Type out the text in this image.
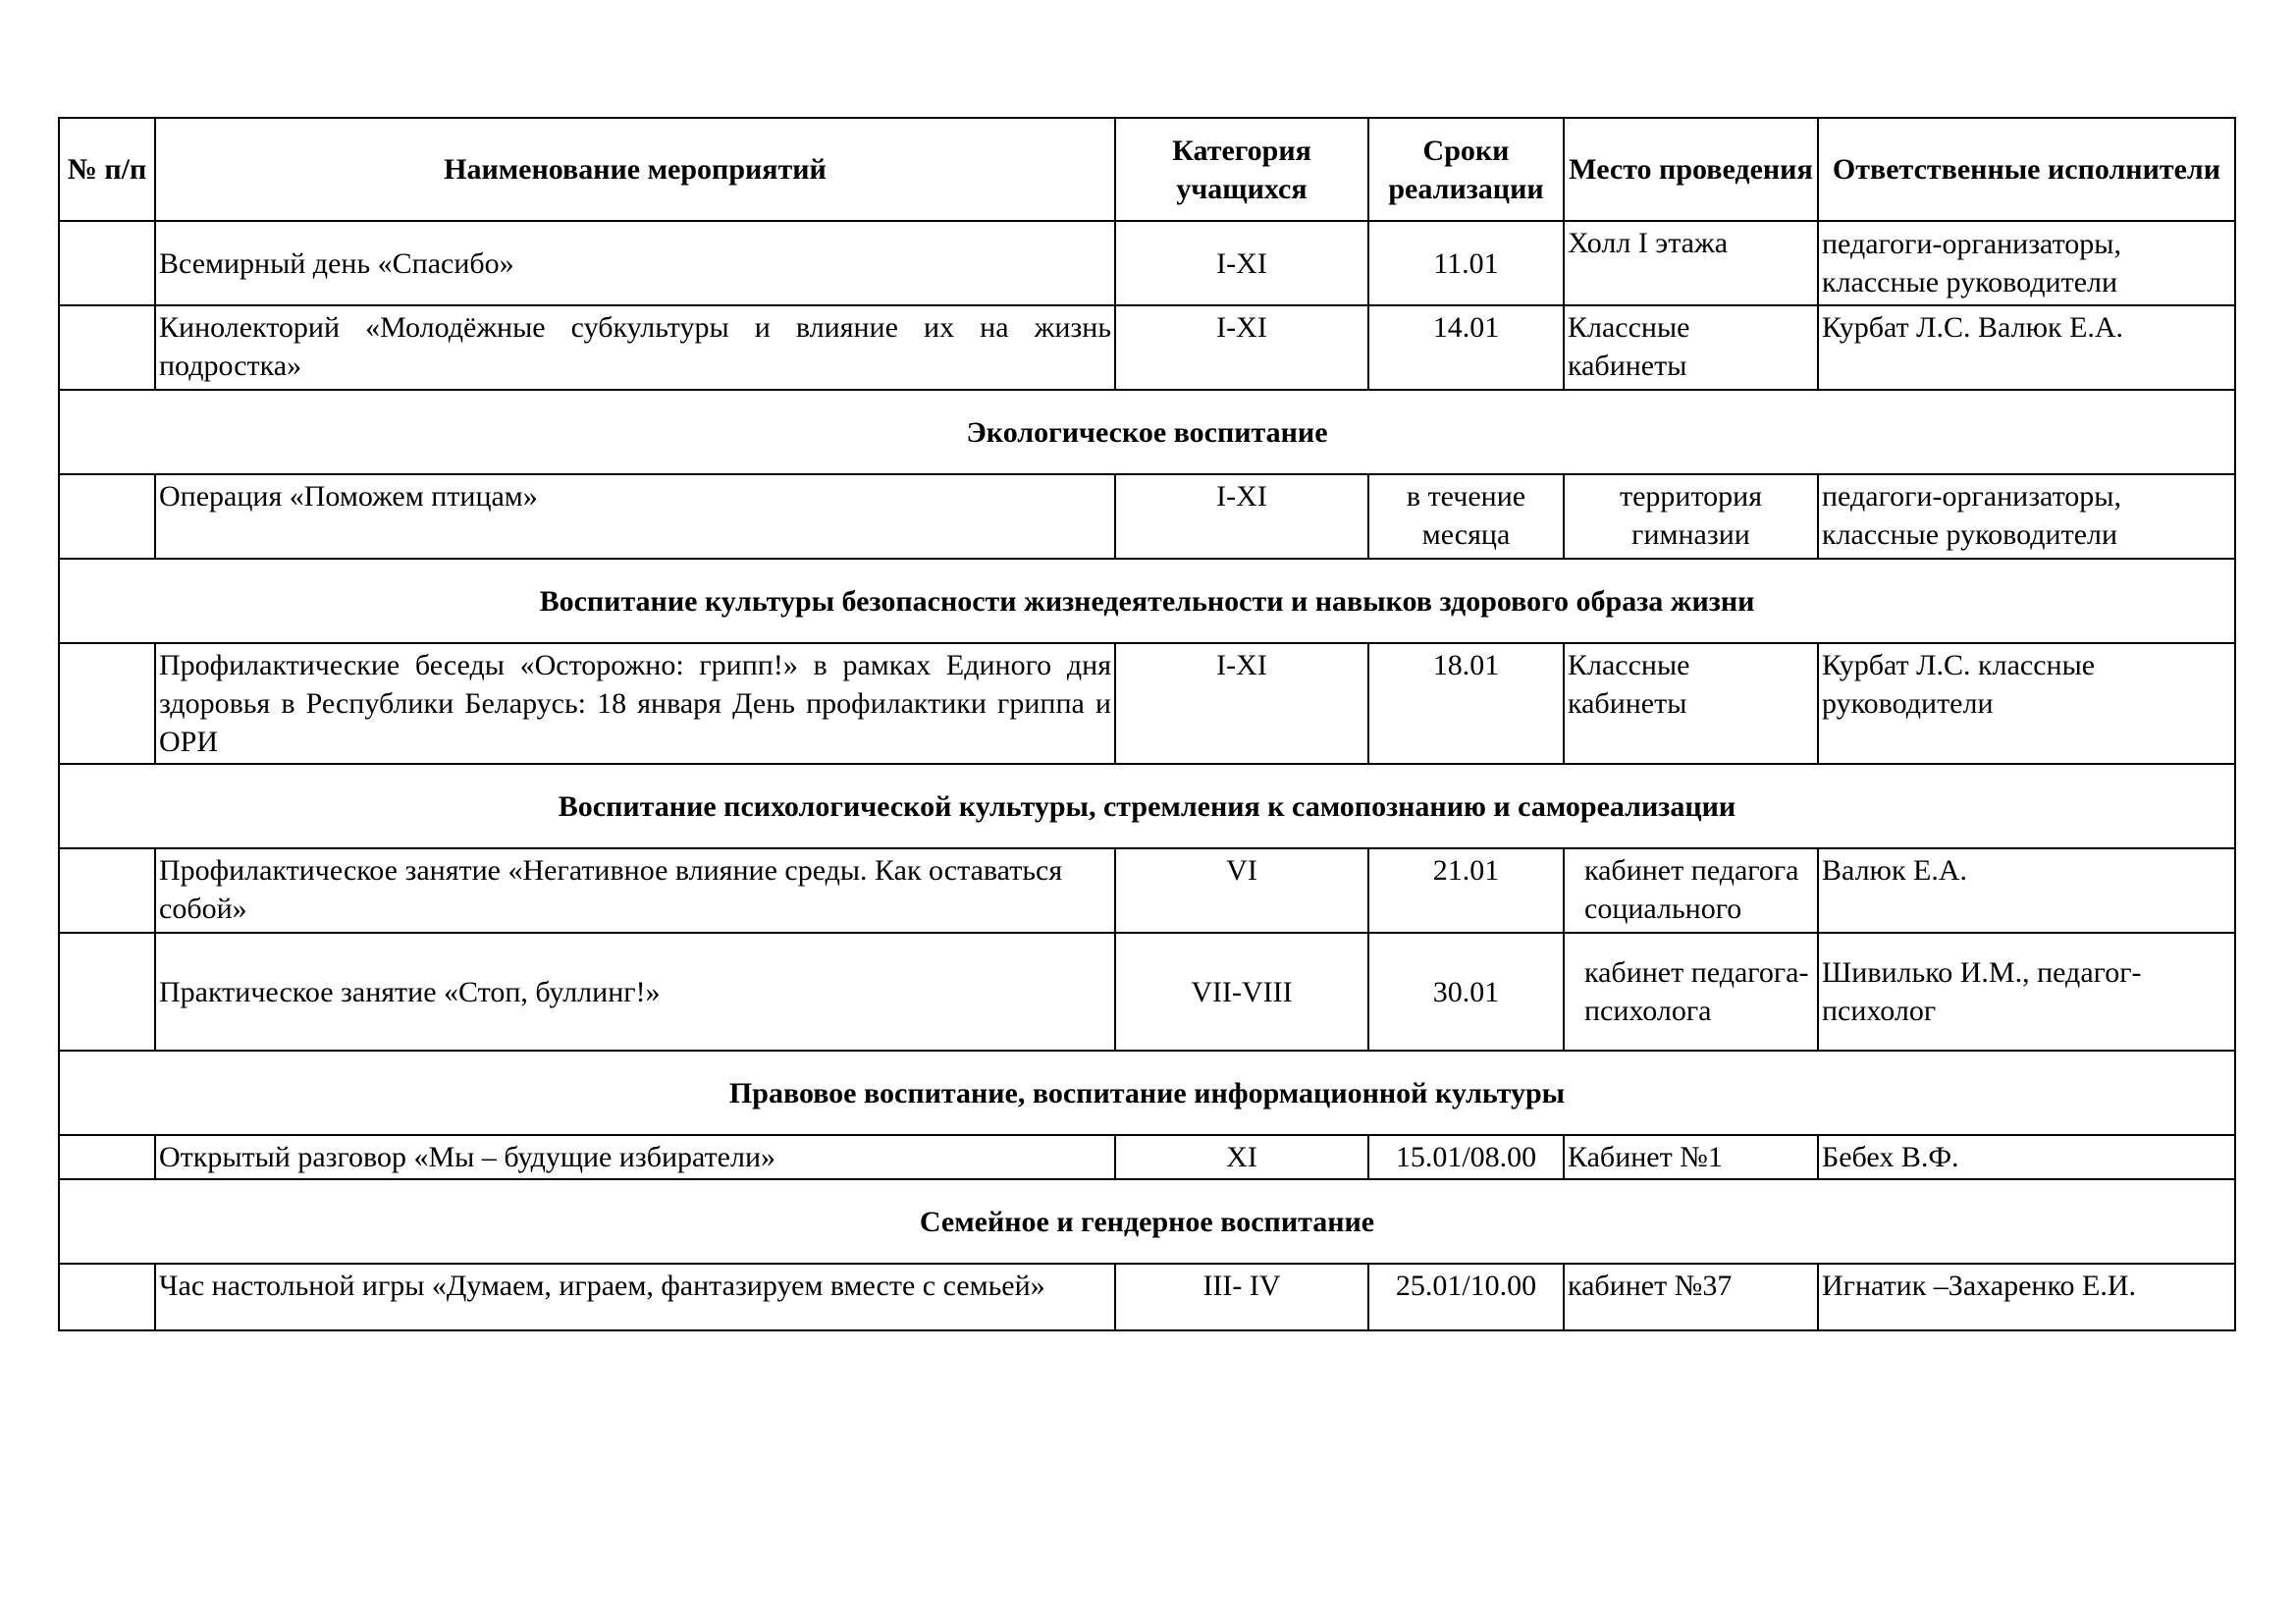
№ п/п	Наименование мероприятий	Категория учащихся	Сроки реализации	Место проведения	Ответственные исполнители
	Всемирный день «Спасибо»	I-XI	11.01	Холл I этажа	педагоги-организаторы, классные руководители
	Кинолекторий «Молодёжные субкультуры и влияние их на жизнь подростка»	I-XI	14.01	Классные кабинеты	Курбат Л.С. Валюк Е.А.
Экологическое воспитание					
	Операция «Поможем птицам»	I-XI	в течение месяца	территория гимназии	педагоги-организаторы, классные руководители
Воспитание культуры безопасности жизнедеятельности и навыков здорового образа жизни					
	Профилактические беседы «Осторожно: грипп!» в рамках Единого дня здоровья в Республики Беларусь: 18 января День профилактики гриппа и ОРИ	I-XI	18.01	Классные кабинеты	Курбат Л.С. классные руководители
Воспитание психологической культуры, стремления к самопознанию и самореализации					
	Профилактическое занятие «Негативное влияние среды. Как оставаться собой»	VI	21.01	кабинет педагога социального	Валюк Е.А.
	Практическое занятие «Стоп, буллинг!»	VII-VIII	30.01	кабинет педагога-психолога	Шивилько И.М., педагог-психолог
Правовое воспитание, воспитание информационной культуры					
	Открытый разговор «Мы – будущие избиратели»	XI	15.01/08.00	Кабинет №1	Бебех В.Ф.
Семейное и гендерное воспитание					
	Час настольной игры «Думаем, играем, фантазируем вместе с семьей»	III- IV	25.01/10.00	кабинет №37	Игнатик –Захаренко Е.И.
